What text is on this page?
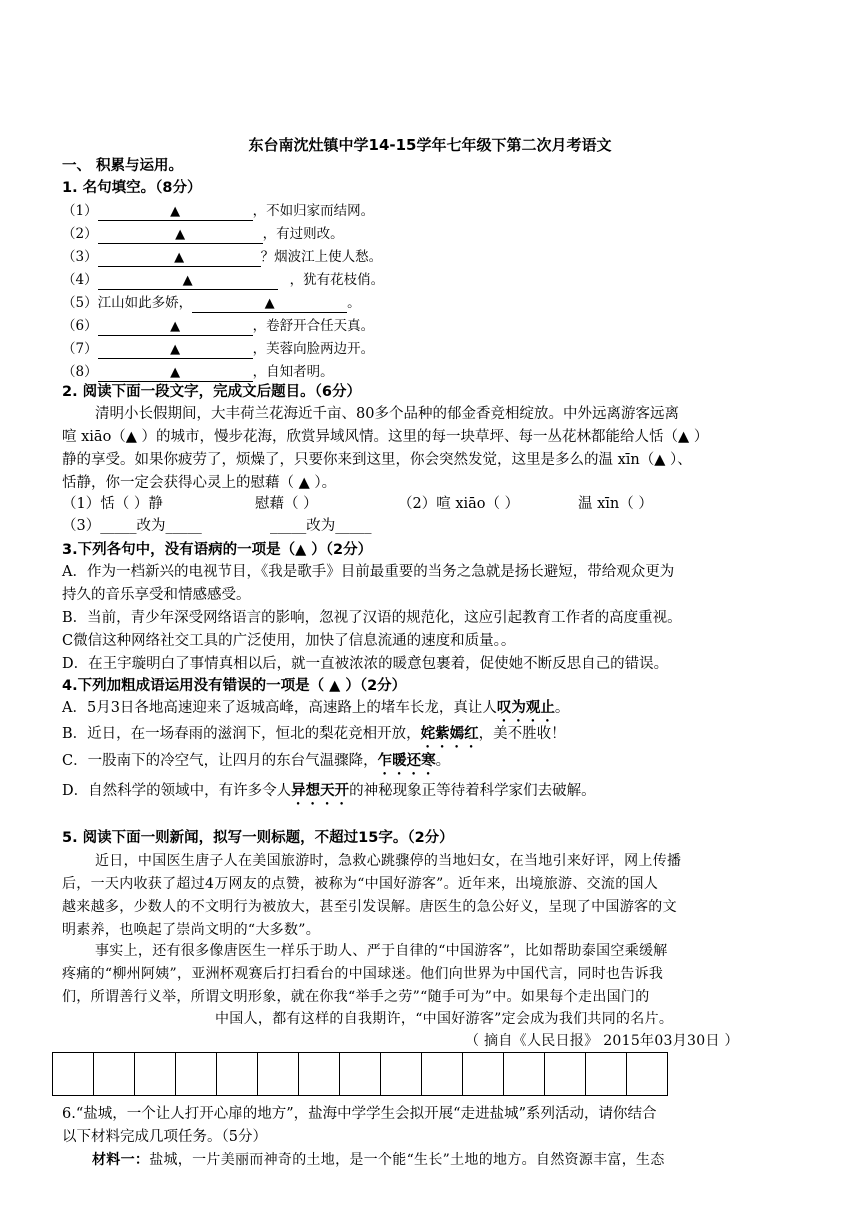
东台南沈灶镇中学14-15学年七年级下第二次月考语文
一、 积累与运用。
1. 名句填空。（8分）
（1）	▲	，不如归家而结网。
（2）	▲	，有过则改。
（3）	▲	？烟波江上使人愁。
（4）	▲	，犹有花枝俏。
（5）江山如此多娇，	▲	。
（6）	▲	，卷舒开合任天真。
（7）	▲	，芙蓉向脸两边开。
（8）	▲	，自知者明。
2. 阅读下面一段文字，完成文后题目。（6分）
清明小长假期间，大丰荷兰花海近千亩、80多个品种的郁金香竞相绽放。中外远离游客远离
喧 xiāo（▲ ）的城市，慢步花海，欣赏异域风情。这里的每一块草坪、每一丛花林都能给人恬（▲ ）
静的享受。如果你疲劳了，烦燥了，只要你来到这里，你会突然发觉，这里是多么的温 xīn（▲ ）、
恬静，你一定会获得心灵上的慰藉（ ▲ ）。
（1）恬（ ）静	慰藉（ ）	（2）喧 xiāo（ ）	温 xīn（ ）
（3）_____改为_____	_____改为_____
3.下列各句中，没有语病的一项是（▲ ）（2分）
A．作为一档新兴的电视节目，《我是歌手》目前最重要的当务之急就是扬长避短，带给观众更为
持久的音乐享受和情感感受。
B．当前，青少年深受网络语言的影响，忽视了汉语的规范化，这应引起教育工作者的高度重视。
C微信这种网络社交工具的广泛使用，加快了信息流通的速度和质量。。
D．在王宇璇明白了事情真相以后，就一直被浓浓的暖意包裹着，促使她不断反思自己的错误。
4.下列加粗成语运用没有错误的一项是（ ▲ ）（2分）
A．5月3日各地高速迎来了返城高峰，高速路上的堵车长龙，真让人叹为观止。
B．近日，在一场春雨的滋润下，恒北的梨花竞相开放，姹紫嫣红，美不胜收！
C．一股南下的冷空气，让四月的东台气温骤降，乍暖还寒。
D．自然科学的领域中，有许多令人异想天开的神秘现象正等待着科学家们去破解。
5. 阅读下面一则新闻，拟写一则标题，不超过15字。（2分）
近日，中国医生唐子人在美国旅游时，急救心跳骤停的当地妇女，在当地引来好评，网上传播
后，一天内收获了超过4万网友的点赞，被称为“中国好游客”。近年来，出境旅游、交流的国人
越来越多，少数人的不文明行为被放大，甚至引发误解。唐医生的急公好义，呈现了中国游客的文
明素养，也唤起了崇尚文明的“大多数”。
事实上，还有很多像唐医生一样乐于助人、严于自律的“中国游客”，比如帮助泰国空乘缓解
疼痛的“柳州阿姨”，亚洲杯观赛后打扫看台的中国球迷。他们向世界为中国代言，同时也告诉我
们，所谓善行义举，所谓文明形象，就在你我“举手之劳”“随手可为”中。如果每个走出国门的
中国人，都有这样的自我期许，“中国好游客”定会成为我们共同的名片。
（ 摘自《人民日报》 2015年03月30日 ）
6.“盐城，一个让人打开心扉的地方”，盐海中学学生会拟开展“走进盐城”系列活动，请你结合
以下材料完成几项任务。（5分）
材料一：盐城，一片美丽而神奇的土地，是一个能“生长”土地的地方。自然资源丰富，生态
